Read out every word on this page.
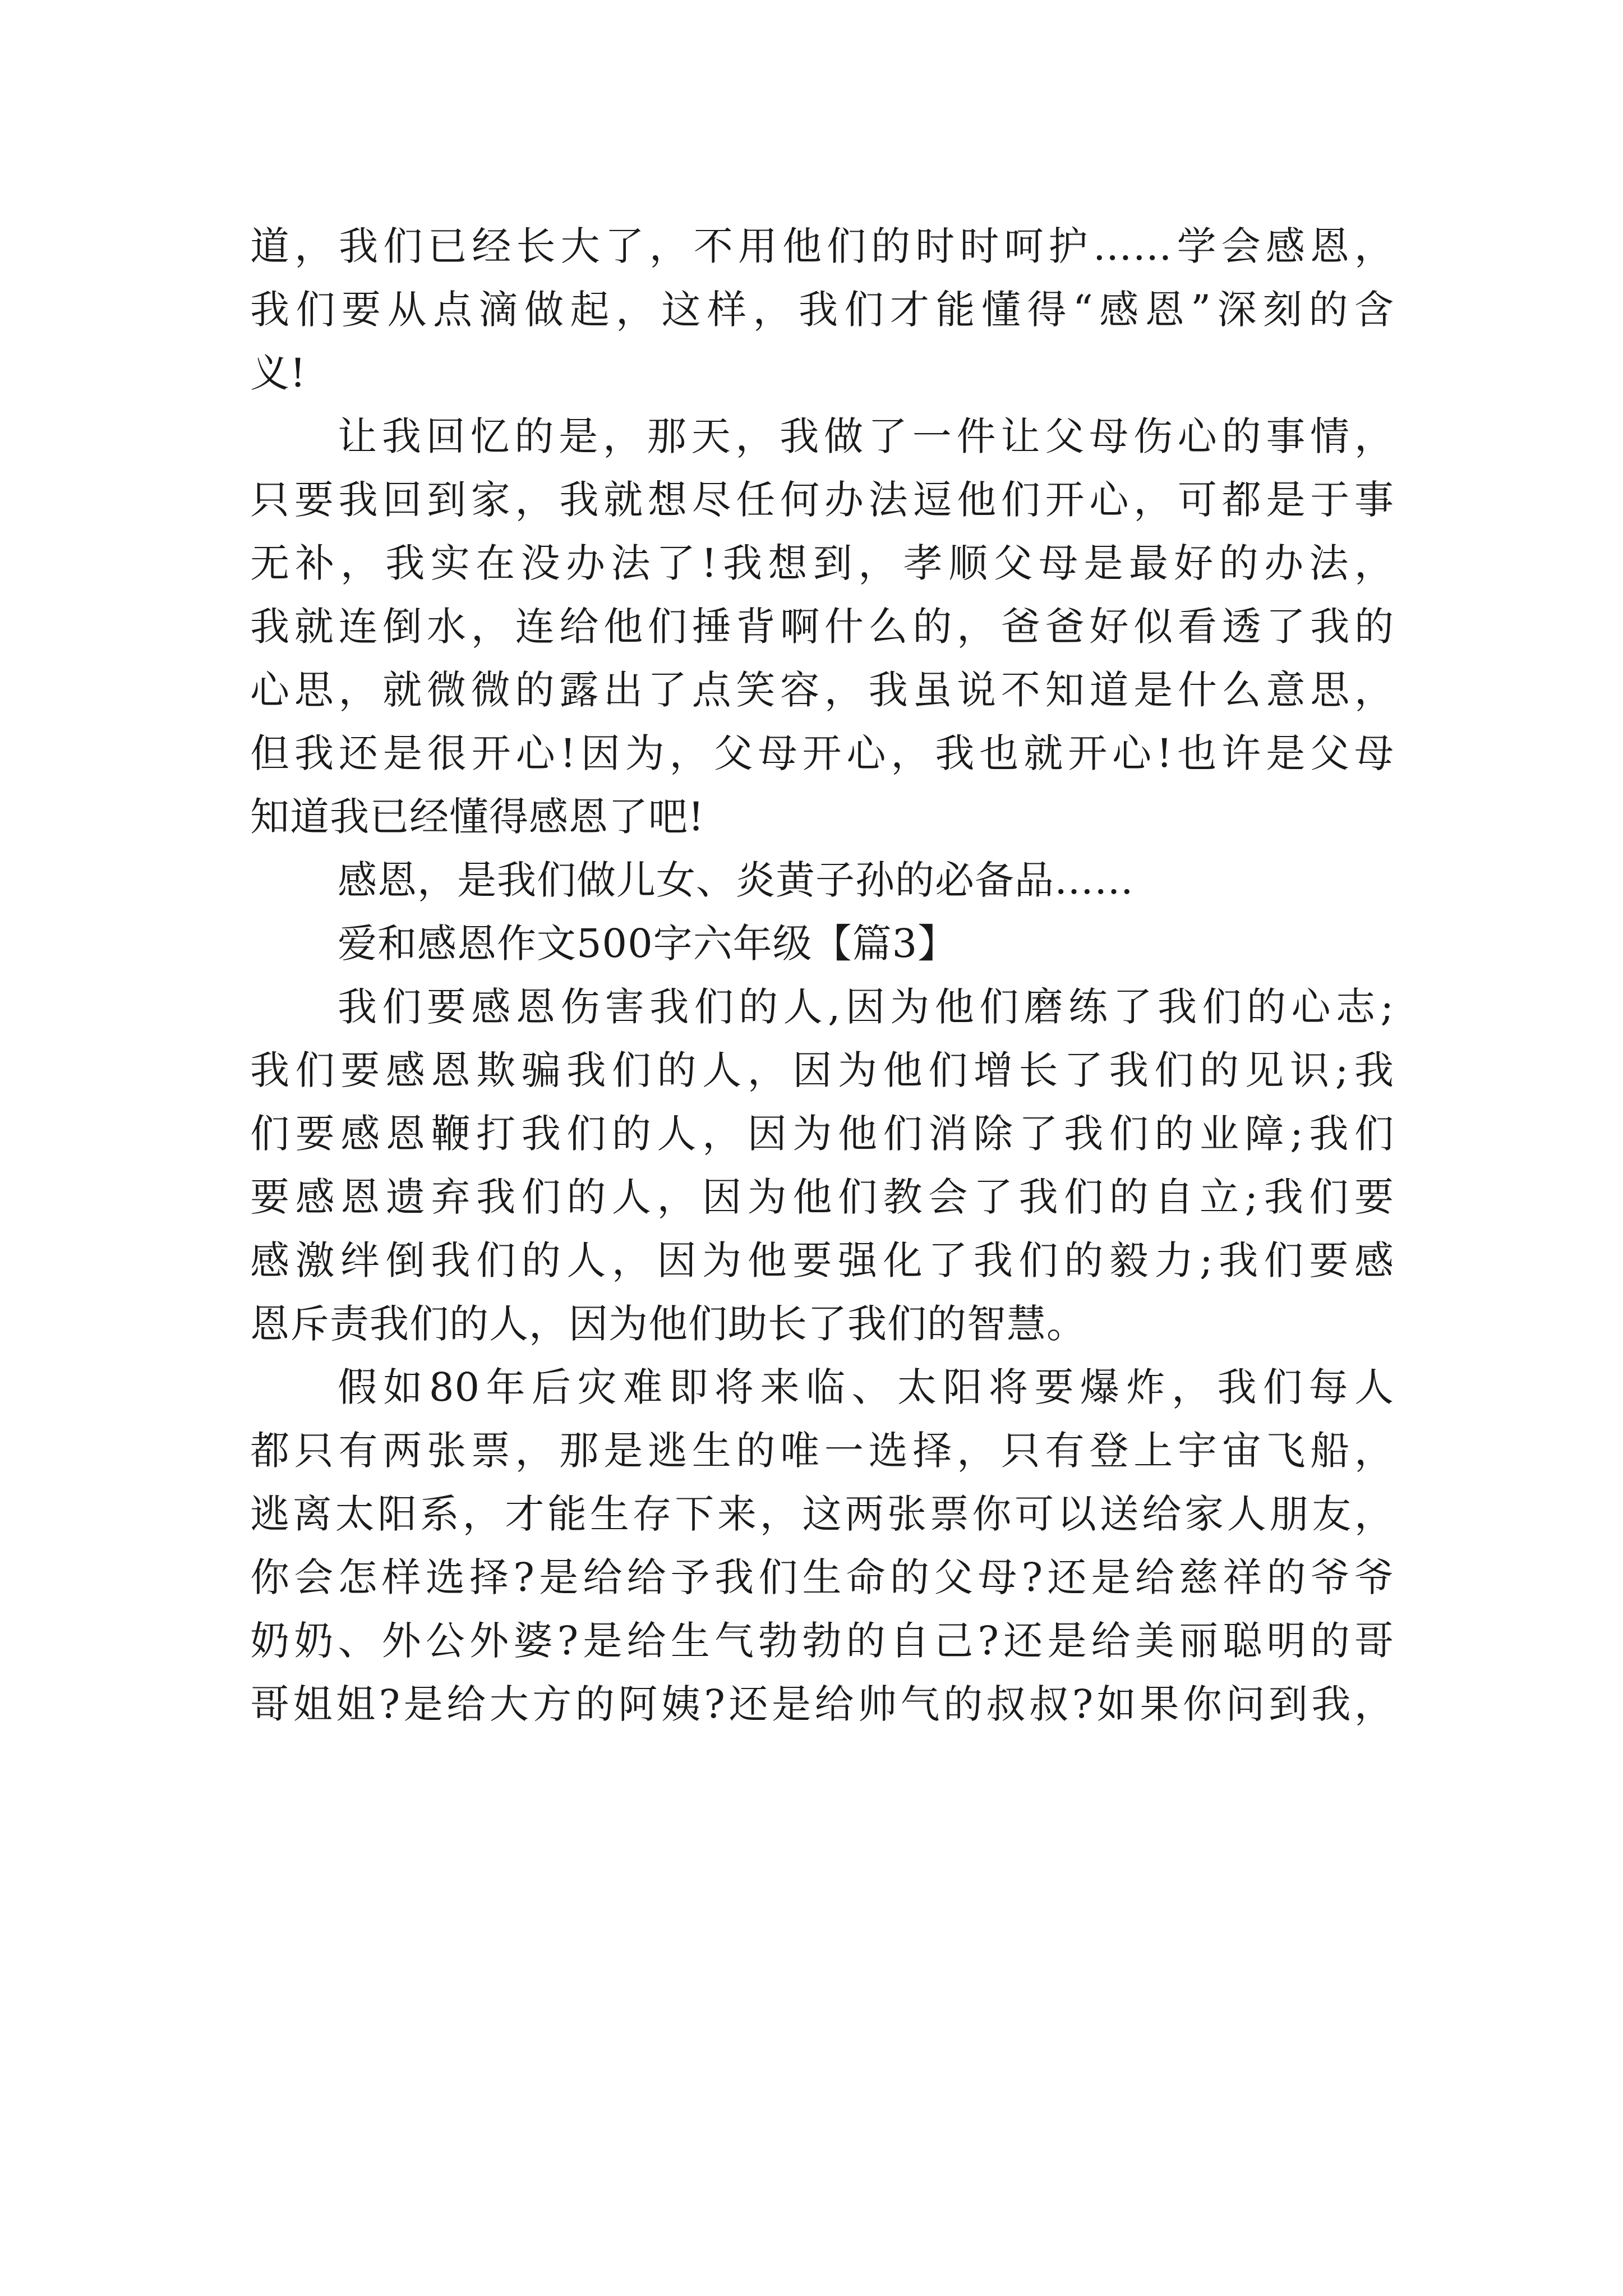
道，我们已经长大了，不用他们的时时呵护……学会感恩，
我们要从点滴做起，这样，我们才能懂得“感恩”深刻的含
义!
让我回忆的是，那天，我做了一件让父母伤心的事情，
只要我回到家，我就想尽任何办法逗他们开心，可都是于事
无补，我实在没办法了!我想到，孝顺父母是最好的办法，
我就连倒水，连给他们捶背啊什么的，爸爸好似看透了我的
心思，就微微的露出了点笑容，我虽说不知道是什么意思，
但我还是很开心!因为，父母开心，我也就开心!也许是父母
知道我已经懂得感恩了吧!
感恩，是我们做儿女、炎黄子孙的必备品……
爱和感恩作文500字六年级【篇3】
我们要感恩伤害我们的人,因为他们磨练了我们的心志;
我们要感恩欺骗我们的人，因为他们增长了我们的见识;我
们要感恩鞭打我们的人，因为他们消除了我们的业障;我们
要感恩遗弃我们的人，因为他们教会了我们的自立;我们要
感激绊倒我们的人，因为他要强化了我们的毅力;我们要感
恩斥责我们的人，因为他们助长了我们的智慧。
假如80年后灾难即将来临、太阳将要爆炸，我们每人
都只有两张票，那是逃生的唯一选择，只有登上宇宙飞船，
逃离太阳系，才能生存下来，这两张票你可以送给家人朋友，
你会怎样选择?是给给予我们生命的父母?还是给慈祥的爷爷
奶奶、外公外婆?是给生气勃勃的自己?还是给美丽聪明的哥
哥姐姐?是给大方的阿姨?还是给帅气的叔叔?如果你问到我，
